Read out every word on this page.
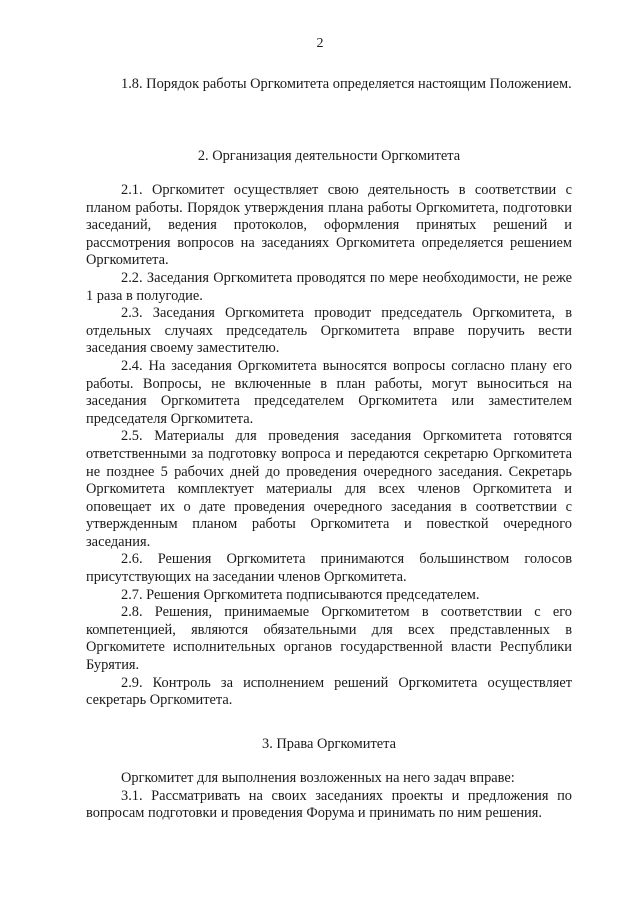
2

1.8. Порядок работы Оргкомитета определяется настоящим Положением.

2. Организация деятельности Оргкомитета

2.1. Оргкомитет осуществляет свою деятельность в соответствии с планом работы. Порядок утверждения плана работы Оргкомитета, подготовки заседаний, ведения протоколов, оформления принятых решений и рассмотрения вопросов на заседаниях Оргкомитета определяется решением Оргкомитета.

2.2. Заседания Оргкомитета проводятся по мере необходимости, не реже 1 раза в полугодие.

2.3. Заседания Оргкомитета проводит председатель Оргкомитета, в отдельных случаях председатель Оргкомитета вправе поручить вести заседания своему заместителю.

2.4. На заседания Оргкомитета выносятся вопросы согласно плану его работы. Вопросы, не включенные в план работы, могут выноситься на заседания Оргкомитета председателем Оргкомитета или заместителем председателя Оргкомитета.

2.5. Материалы для проведения заседания Оргкомитета готовятся ответственными за подготовку вопроса и передаются секретарю Оргкомитета не позднее 5 рабочих дней до проведения очередного заседания. Секретарь Оргкомитета комплектует материалы для всех членов Оргкомитета и оповещает их о дате проведения очередного заседания в соответствии с утвержденным планом работы Оргкомитета и повесткой очередного заседания.

2.6. Решения Оргкомитета принимаются большинством голосов присутствующих на заседании членов Оргкомитета.

2.7. Решения Оргкомитета подписываются председателем.

2.8. Решения, принимаемые Оргкомитетом в соответствии с его компетенцией, являются обязательными для всех представленных в Оргкомитете исполнительных органов государственной власти Республики Бурятия.

2.9. Контроль за исполнением решений Оргкомитета осуществляет секретарь Оргкомитета.

3. Права Оргкомитета

Оргкомитет для выполнения возложенных на него задач вправе:

3.1. Рассматривать на своих заседаниях проекты и предложения по вопросам подготовки и проведения Форума и принимать по ним решения.
